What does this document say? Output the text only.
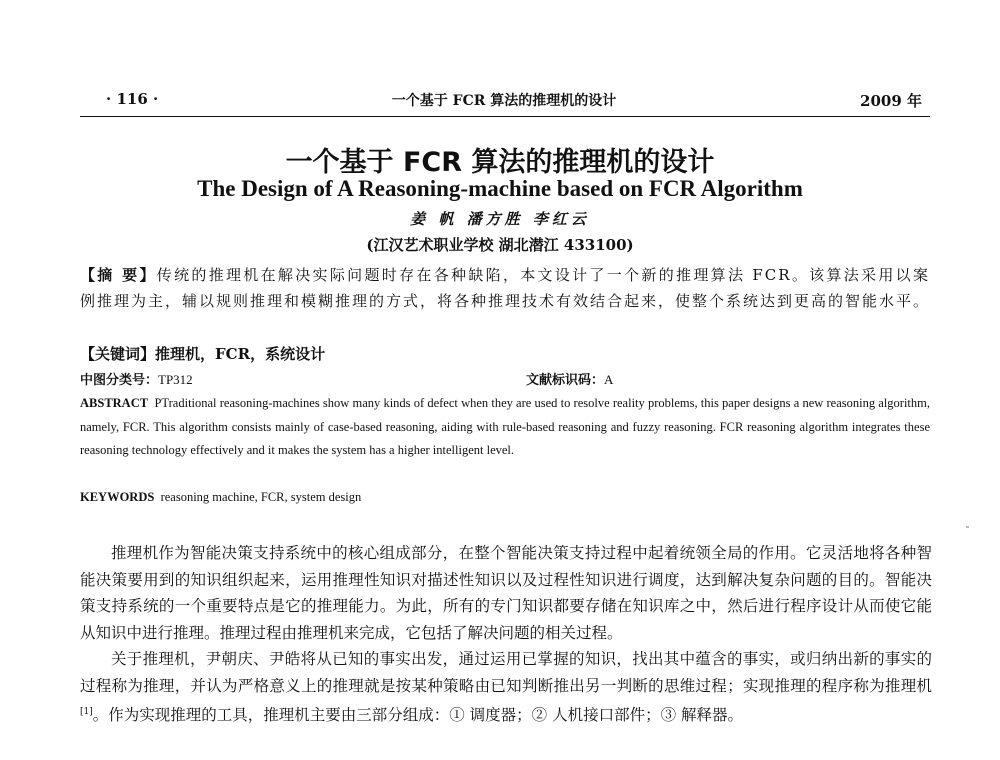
· 116 ·	一个基于 FCR 算法的推理机的设计	2009 年
一个基于 FCR 算法的推理机的设计
The Design of A Reasoning-machine based on FCR Algorithm
姜 帆 潘方胜 李红云
(江汉艺术职业学校 湖北潜江 433100)
【摘 要】传统的推理机在解决实际问题时存在各种缺陷，本文设计了一个新的推理算法 FCR。该算法采用以案例推理为主，辅以规则推理和模糊推理的方式，将各种推理技术有效结合起来，使整个系统达到更高的智能水平。
【关键词】推理机，FCR，系统设计
中图分类号：TP312	文献标识码：A
ABSTRACT PTraditional reasoning-machines show many kinds of defect when they are used to resolve reality problems, this paper designs a new reasoning algorithm, namely, FCR. This algorithm consists mainly of case-based reasoning, aiding with rule-based reasoning and fuzzy reasoning. FCR reasoning algorithm integrates these reasoning technology effectively and it makes the system has a higher intelligent level.
KEYWORDS reasoning machine, FCR, system design

推理机作为智能决策支持系统中的核心组成部分，在整个智能决策支持过程中起着统领全局的作用。它灵活地将各种智能决策要用到的知识组织起来，运用推理性知识对描述性知识以及过程性知识进行调度，达到解决复杂问题的目的。智能决策支持系统的一个重要特点是它的推理能力。为此，所有的专门知识都要存储在知识库之中，然后进行程序设计从而使它能从知识中进行推理。推理过程由推理机来完成，它包括了解决问题的相关过程。

关于推理机，尹朝庆、尹皓将从已知的事实出发，通过运用已掌握的知识，找出其中蕴含的事实，或归纳出新的事实的过程称为推理，并认为严格意义上的推理就是按某种策略由已知判断推出另一判断的思维过程；实现推理的程序称为推理机[1]。作为实现推理的工具，推理机主要由三部分组成：① 调度器；② 人机接口部件；③ 解释器。
